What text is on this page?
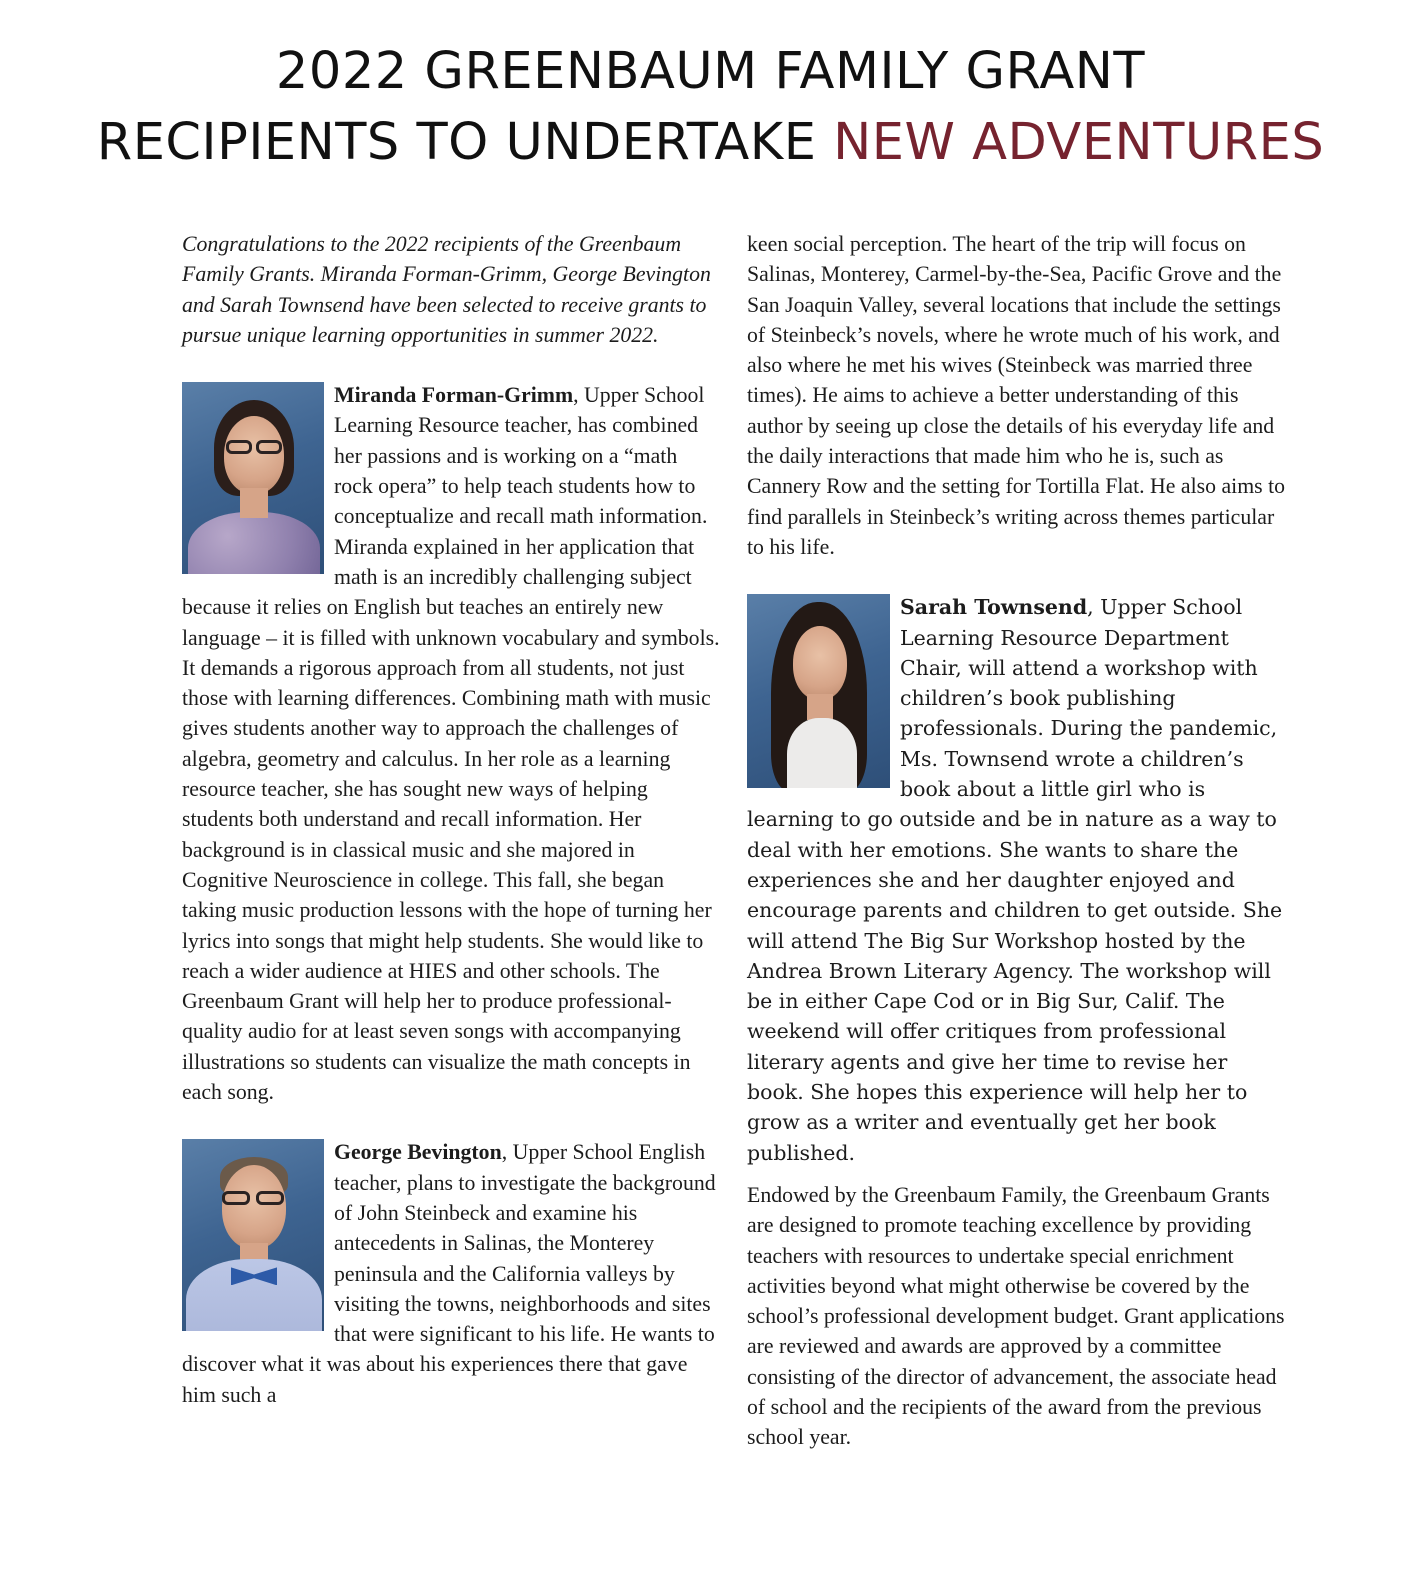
2022 GREENBAUM FAMILY GRANT
RECIPIENTS TO UNDERTAKE NEW ADVENTURES

Congratulations to the 2022 recipients of the Greenbaum Family Grants. Miranda Forman-Grimm, George Bevington and Sarah Townsend have been selected to receive grants to pursue unique learning opportunities in summer 2022.

Miranda Forman-Grimm, Upper School Learning Resource teacher, has combined her passions and is working on a “math rock opera” to help teach students how to conceptualize and recall math information. Miranda explained in her application that math is an incredibly challenging subject because it relies on English but teaches an entirely new language – it is filled with unknown vocabulary and symbols. It demands a rigorous approach from all students, not just those with learning differences. Combining math with music gives students another way to approach the challenges of algebra, geometry and calculus. In her role as a learning resource teacher, she has sought new ways of helping students both understand and recall information. Her background is in classical music and she majored in Cognitive Neuroscience in college. This fall, she began taking music production lessons with the hope of turning her lyrics into songs that might help students. She would like to reach a wider audience at HIES and other schools. The Greenbaum Grant will help her to produce professional-quality audio for at least seven songs with accompanying illustrations so students can visualize the math concepts in each song.
George Bevington, Upper School English teacher, plans to investigate the background of John Steinbeck and examine his antecedents in Salinas, the Monterey peninsula and the California valleys by visiting the towns, neighborhoods and sites that were significant to his life. He wants to discover what it was about his experiences there that gave him such a

keen social perception. The heart of the trip will focus on Salinas, Monterey, Carmel-by-the-Sea, Pacific Grove and the San Joaquin Valley, several locations that include the settings of Steinbeck’s novels, where he wrote much of his work, and also where he met his wives (Steinbeck was married three times). He aims to achieve a better understanding of this author by seeing up close the details of his everyday life and the daily interactions that made him who he is, such as Cannery Row and the setting for Tortilla Flat. He also aims to find parallels in Steinbeck’s writing across themes particular to his life.

Sarah Townsend, Upper School Learning Resource Department Chair, will attend a workshop with children’s book publishing professionals. During the pandemic, Ms. Townsend wrote a children’s book about a little girl who is learning to go outside and be in nature as a way to deal with her emotions. She wants to share the experiences she and her daughter enjoyed and encourage parents and children to get outside. She will attend The Big Sur Workshop hosted by the Andrea Brown Literary Agency. The workshop will be in either Cape Cod or in Big Sur, Calif. The weekend will offer critiques from professional literary agents and give her time to revise her book. She hopes this experience will help her to grow as a writer and eventually get her book published.

Endowed by the Greenbaum Family, the Greenbaum Grants are designed to promote teaching excellence by providing teachers with resources to undertake special enrichment activities beyond what might otherwise be covered by the school’s professional development budget. Grant applications are reviewed and awards are approved by a committee consisting of the director of advancement, the associate head of school and the recipients of the award from the previous school year.
